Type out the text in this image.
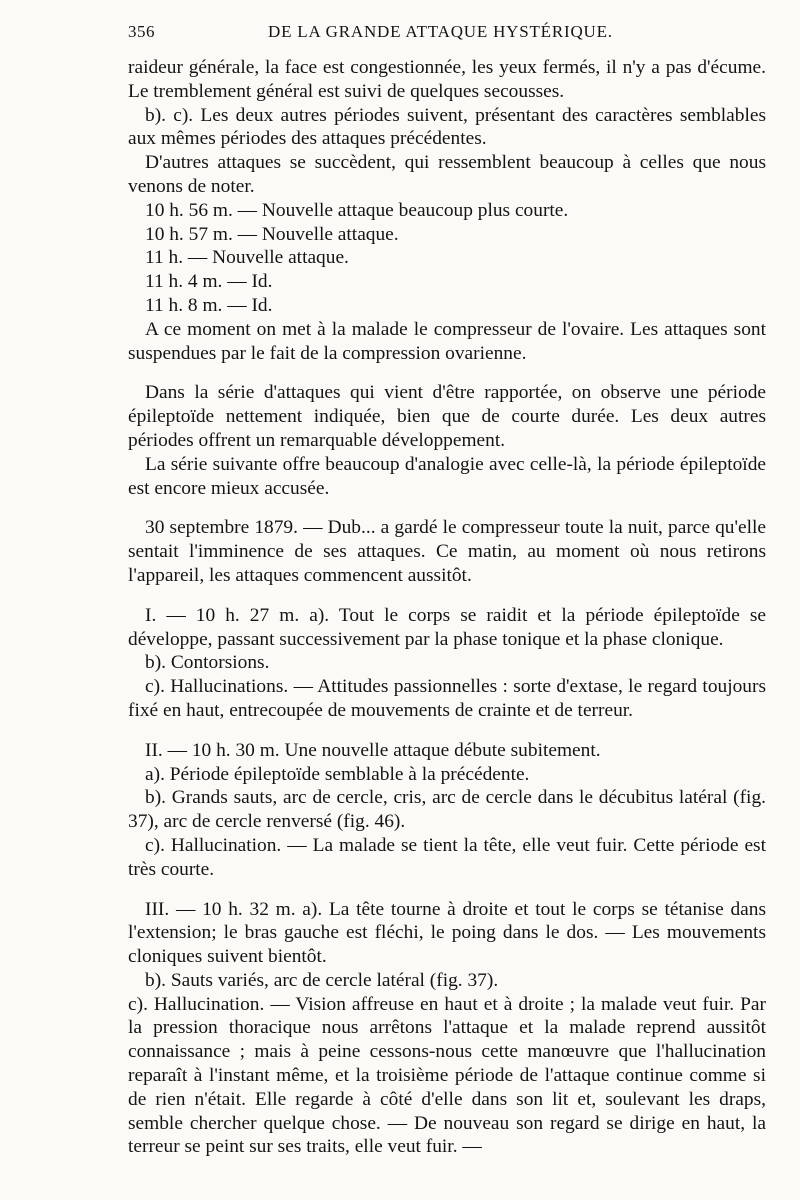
356	DE LA GRANDE ATTAQUE HYSTÉRIQUE.

raideur générale, la face est congestionnée, les yeux fermés, il n'y a pas d'écume. Le tremblement général est suivi de quelques secousses.

b). c). Les deux autres périodes suivent, présentant des caractères semblables aux mêmes périodes des attaques précédentes.

D'autres attaques se succèdent, qui ressemblent beaucoup à celles que nous venons de noter.

10 h. 56 m. — Nouvelle attaque beaucoup plus courte.

10 h. 57 m. — Nouvelle attaque.

11 h. — Nouvelle attaque.

11 h. 4 m. — Id.

11 h. 8 m. — Id.

A ce moment on met à la malade le compresseur de l'ovaire. Les attaques sont suspendues par le fait de la compression ovarienne.

Dans la série d'attaques qui vient d'être rapportée, on observe une période épileptoïde nettement indiquée, bien que de courte durée. Les deux autres périodes offrent un remarquable développement.

La série suivante offre beaucoup d'analogie avec celle-là, la période épileptoïde est encore mieux accusée.

30 septembre 1879. — Dub... a gardé le compresseur toute la nuit, parce qu'elle sentait l'imminence de ses attaques. Ce matin, au moment où nous retirons l'appareil, les attaques commencent aussitôt.

I. — 10 h. 27 m. a). Tout le corps se raidit et la période épileptoïde se développe, passant successivement par la phase tonique et la phase clonique.

b). Contorsions.

c). Hallucinations. — Attitudes passionnelles : sorte d'extase, le regard toujours fixé en haut, entrecoupée de mouvements de crainte et de terreur.

II. — 10 h. 30 m. Une nouvelle attaque débute subitement.

a). Période épileptoïde semblable à la précédente.

b). Grands sauts, arc de cercle, cris, arc de cercle dans le décubitus latéral (fig. 37), arc de cercle renversé (fig. 46).

c). Hallucination. — La malade se tient la tête, elle veut fuir. Cette période est très courte.

III. — 10 h. 32 m. a). La tête tourne à droite et tout le corps se tétanise dans l'extension; le bras gauche est fléchi, le poing dans le dos. — Les mouvements cloniques suivent bientôt.

b). Sauts variés, arc de cercle latéral (fig. 37).

c). Hallucination. — Vision affreuse en haut et à droite ; la malade veut fuir. Par la pression thoracique nous arrêtons l'attaque et la malade reprend aussitôt connaissance ; mais à peine cessons-nous cette manœuvre que l'hallucination reparaît à l'instant même, et la troisième période de l'attaque continue comme si de rien n'était. Elle regarde à côté d'elle dans son lit et, soulevant les draps, semble chercher quelque chose. — De nouveau son regard se dirige en haut, la terreur se peint sur ses traits, elle veut fuir. —
